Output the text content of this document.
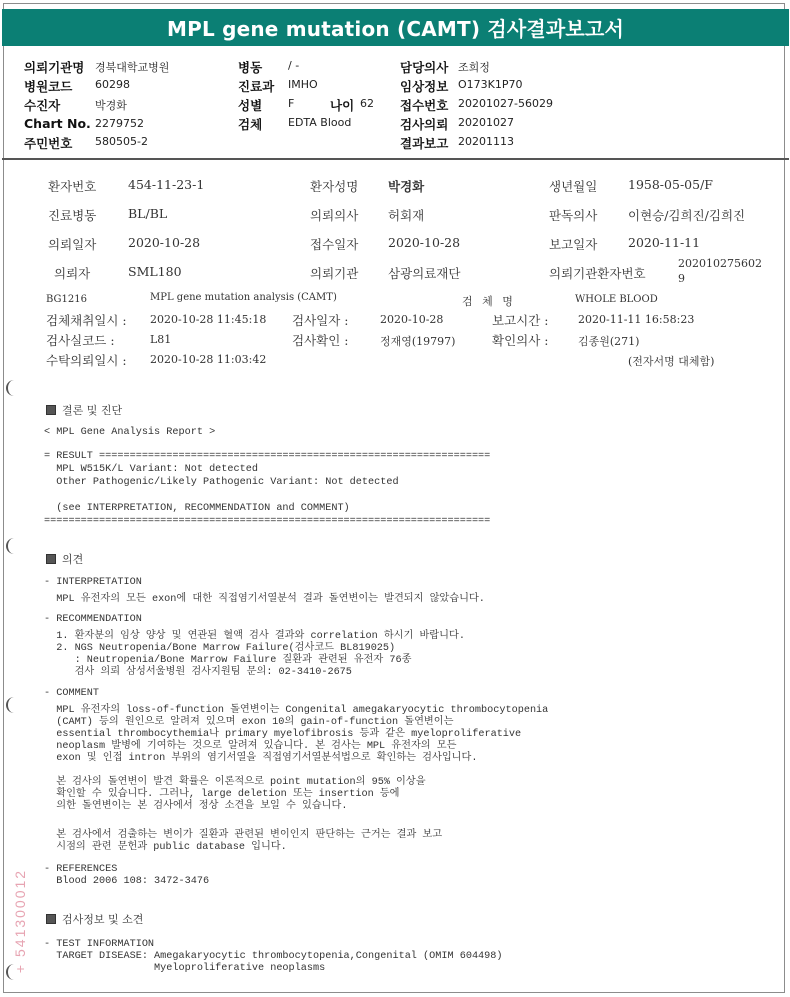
MPL gene mutation (CAMT) 검사결과보고서
의뢰기관명 경북대학교병원
병원코드 60298
수진자	박경화
Chart No. 2279752
주민번호 580505-2
병동 / -
진료과 IMHO
성별 F	나이 62
검체 EDTA Blood
담당의사 조희정
임상정보 O173K1P70
접수번호 20201027-56029
검사의뢰 20201027
결과보고 20201113
환자번호	454-11-23-1	환자성명 박경화	생년월일 1958-05-05/F
진료병동	BL/BL	의뢰의사 허회재	판독의사 이현승/김희진/김희진
의뢰일자	2020-10-28	접수일자 2020-10-28	보고일자 2020-11-11
의뢰자	SML180	의뢰기관 삼광의료재단	의뢰기관환자번호
202010275602
9
BG1216	MPL gene mutation analysis (CAMT)	검 체 명	WHOLE BLOOD
검체채취일시 : 2020-10-28 11:45:18 검사일자 :	2020-10-28	보고시간 :	2020-11-11 16:58:23
검사실코드 :	L81	검사확인 :	정재영(19797)	확인의사 :	김종원(271)
수탁의뢰일시 : 2020-10-28 11:03:42	(전자서명 대체함)
결론 및 진단
< MPL Gene Analysis Report >
= RESULT ================================================================
MPL W515K/L Variant: Not detected
Other Pathogenic/Likely Pathogenic Variant: Not detected
(see INTERPRETATION, RECOMMENDATION and COMMENT)
=========================================================================
의견
- INTERPRETATION
MPL 유전자의 모든 exon에 대한 직접염기서열분석 결과 돌연변이는 발견되지 않았습니다.
- RECOMMENDATION
1. 환자분의 임상 양상 및 연관된 혈액 검사 결과와 correlation 하시기 바랍니다.
2. NGS Neutropenia/Bone Marrow Failure(검사코드 BL819025)
: Neutropenia/Bone Marrow Failure 질환과 관련된 유전자 76종
검사 의뢰 삼성서울병원 검사지원팀 문의: 02-3410-2675
- COMMENT
MPL 유전자의 loss-of-function 돌연변이는 Congenital amegakaryocytic thrombocytopenia
(CAMT) 등의 원인으로 알려져 있으며 exon 10의 gain-of-function 돌연변이는
essential thrombocythemia나 primary myelofibrosis 등과 같은 myeloproliferative
neoplasm 발병에 기여하는 것으로 알려져 있습니다. 본 검사는 MPL 유전자의 모든
exon 및 인접 intron 부위의 염기서열을 직접염기서열분석법으로 확인하는 검사입니다.
본 검사의 돌연변이 발견 확률은 이론적으로 point mutation의 95% 이상을
확인할 수 있습니다. 그러나, large deletion 또는 insertion 등에
의한 돌연변이는 본 검사에서 정상 소견을 보일 수 있습니다.
본 검사에서 검출하는 변이가 질환과 관련된 변이인지 판단하는 근거는 결과 보고
시점의 관련 문헌과 public database 입니다.
- REFERENCES
Blood 2006 108: 3472-3476
검사정보 및 소견
- TEST INFORMATION
TARGET DISEASE: Amegakaryocytic thrombocytopenia,Congenital (OMIM 604498)
Myeloproliferative neoplasms
+ 541300012
